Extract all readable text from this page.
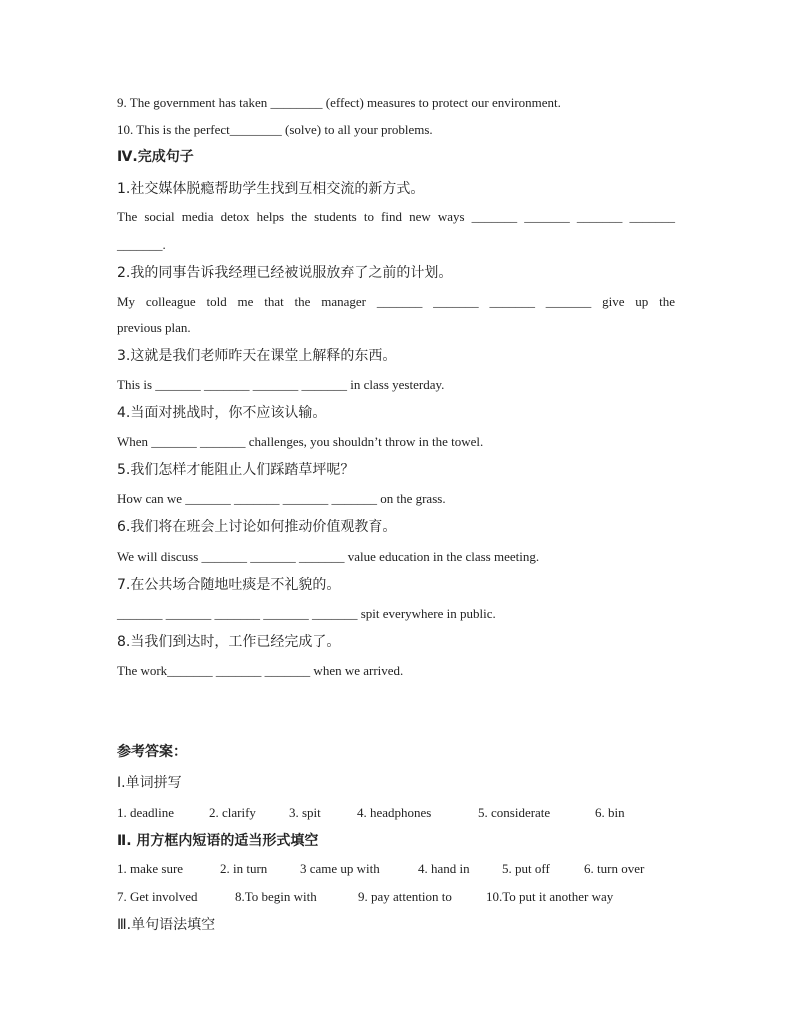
9. The government has taken ________ (effect) measures to protect our environment.
10. This is the perfect________ (solve) to all your problems.
Ⅳ.完成句子
1.社交媒体脱瘾帮助学生找到互相交流的新方式。
The social media detox helps the students to find new ways _______ _______ _______ _______
_______.
2.我的同事告诉我经理已经被说服放弃了之前的计划。
My colleague told me that the manager _______ _______ _______ _______ give up the
previous plan.
3.这就是我们老师昨天在课堂上解释的东西。
This is _______ _______ _______ _______ in class yesterday.
4.当面对挑战时，你不应该认输。
When _______ _______ challenges, you shouldn’t throw in the towel.
5.我们怎样才能阻止人们踩踏草坪呢？
How can we _______ _______ _______ _______ on the grass.
6.我们将在班会上讨论如何推动价值观教育。
We will discuss _______ _______ _______ value education in the class meeting.
7.在公共场合随地吐痰是不礼貌的。
_______ _______ _______ _______ _______ spit everywhere in public.
8.当我们到达时，工作已经完成了。
The work_______ _______ _______ when we arrived.
参考答案：
Ⅰ.单词拼写
1. deadline	2. clarify	3. spit	4. headphones	5. considerate	6. bin
Ⅱ. 用方框内短语的适当形式填空
1. make sure	2. in turn	3 came up with	4. hand in	5. put off	6. turn over
7. Get involved	8.To begin with	9. pay attention to	10.To put it another way
Ⅲ.单句语法填空
